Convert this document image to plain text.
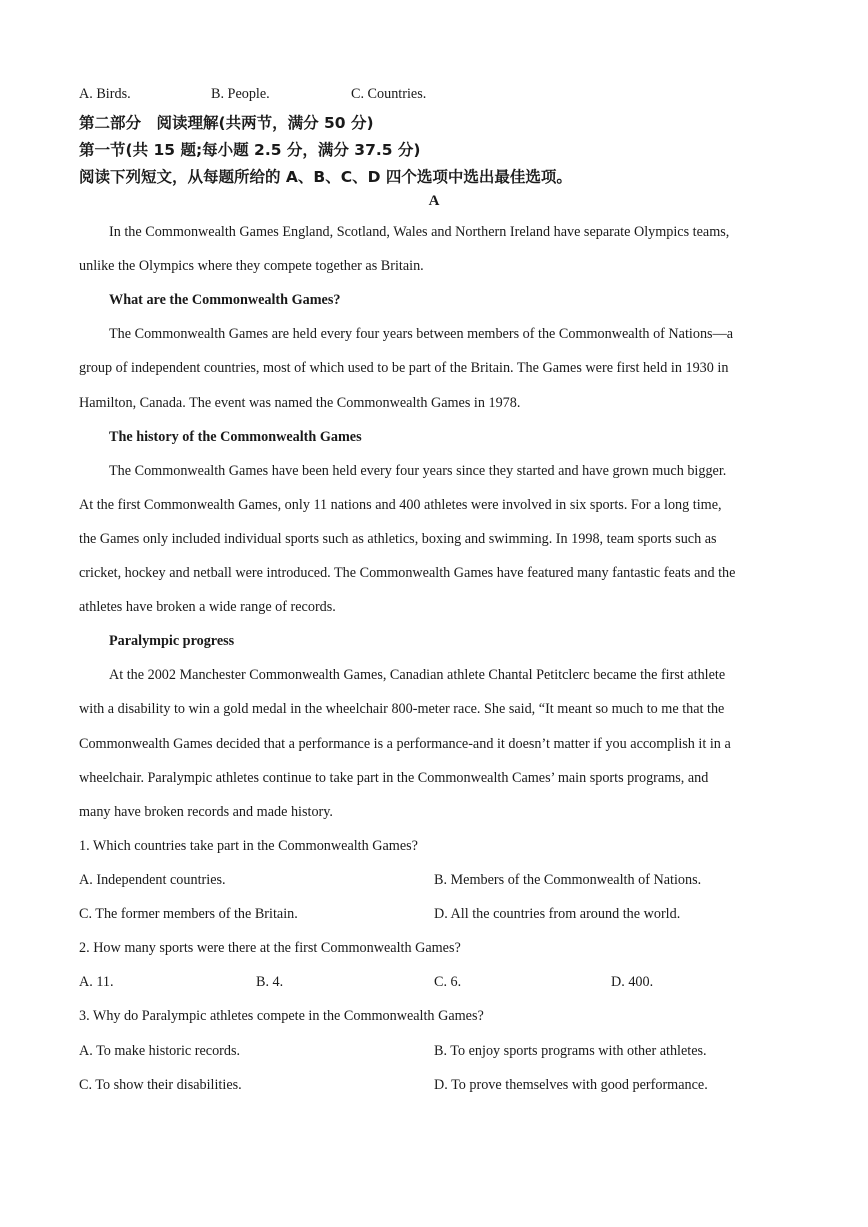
A. Birds.	B. People.	C. Countries.
第二部分　阅读理解(共两节，满分 50 分)
第一节(共 15 题;每小题 2.5 分，满分 37.5 分)
阅读下列短文，从每题所给的 A、B、C、D 四个选项中选出最佳选项。
A
In the Commonwealth Games England, Scotland, Wales and Northern Ireland have separate Olympics teams,
unlike the Olympics where they compete together as Britain.
What are the Commonwealth Games?
The Commonwealth Games are held every four years between members of the Commonwealth of Nations—a
group of independent countries, most of which used to be part of the Britain. The Games were first held in 1930 in
Hamilton, Canada. The event was named the Commonwealth Games in 1978.
The history of the Commonwealth Games
The Commonwealth Games have been held every four years since they started and have grown much bigger.
At the first Commonwealth Games, only 11 nations and 400 athletes were involved in six sports. For a long time,
the Games only included individual sports such as athletics, boxing and swimming. In 1998, team sports such as
cricket, hockey and netball were introduced. The Commonwealth Games have featured many fantastic feats and the
athletes have broken a wide range of records.
Paralympic progress
At the 2002 Manchester Commonwealth Games, Canadian athlete Chantal Petitclerc became the first athlete
with a disability to win a gold medal in the wheelchair 800-meter race. She said, “It meant so much to me that the
Commonwealth Games decided that a performance is a performance-and it doesn’t matter if you accomplish it in a
wheelchair. Paralympic athletes continue to take part in the Commonwealth Cames’ main sports programs, and
many have broken records and made history.
1. Which countries take part in the Commonwealth Games?
A. Independent countries.	B. Members of the Commonwealth of Nations.
C. The former members of the Britain.	D. All the countries from around the world.
2. How many sports were there at the first Commonwealth Games?
A. 11.	B. 4.	C. 6.	D. 400.
3. Why do Paralympic athletes compete in the Commonwealth Games?
A. To make historic records.	B. To enjoy sports programs with other athletes.
C. To show their disabilities.	D. To prove themselves with good performance.
